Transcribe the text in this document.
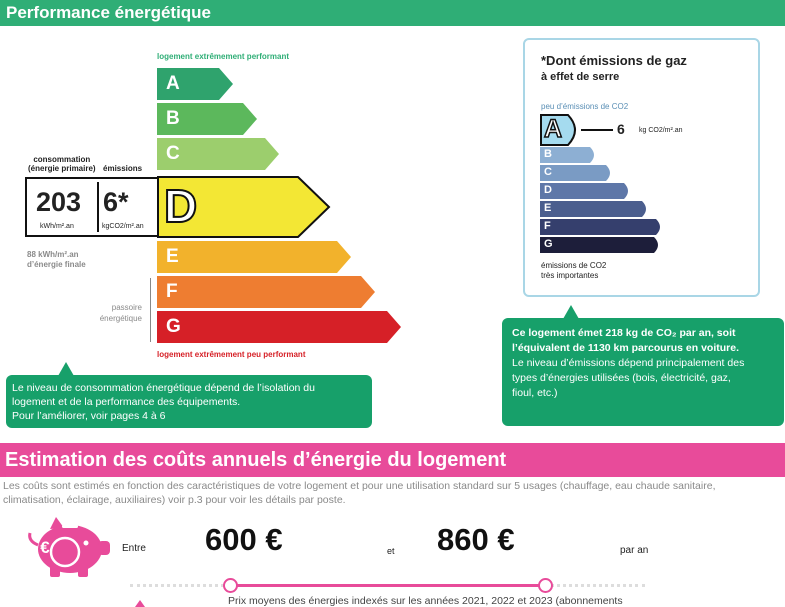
Performance énergétique
logement extrêmement performant
logement extrêmement peu performant
A
B
C
E
F
G
D
consommation
(énergie primaire) émissions
203
kWh/m².an
6*
kgCO2/m².an
88 kWh/m².an
d’énergie finale
passoire
énergétique
Le niveau de consommation énergétique dépend de l’isolation du
logement et de la performance des équipements.
Pour l’améliorer, voir pages 4 à 6
*Dont émissions de gaz
à effet de serre
peu d’émissions de CO2
A	6 kg CO2/m².an
B
C
D
E
F
G
émissions de CO2
très importantes
Ce logement émet 218 kg de CO₂ par an, soit
l’équivalent de 1130 km parcourus en voiture.
Le niveau d’émissions dépend principalement des
types d’énergies utilisées (bois, électricité, gaz,
fioul, etc.)
Estimation des coûts annuels d’énergie du logement
Les coûts sont estimés en fonction des caractéristiques de votre logement et pour une utilisation standard sur 5 usages (chauffage, eau chaude sanitaire,
climatisation, éclairage, auxiliaires) voir p.3 pour voir les détails par poste.
€	Entre 600 €	et 860 €	par an
Prix moyens des énergies indexés sur les années 2021, 2022 et 2023 (abonnements
